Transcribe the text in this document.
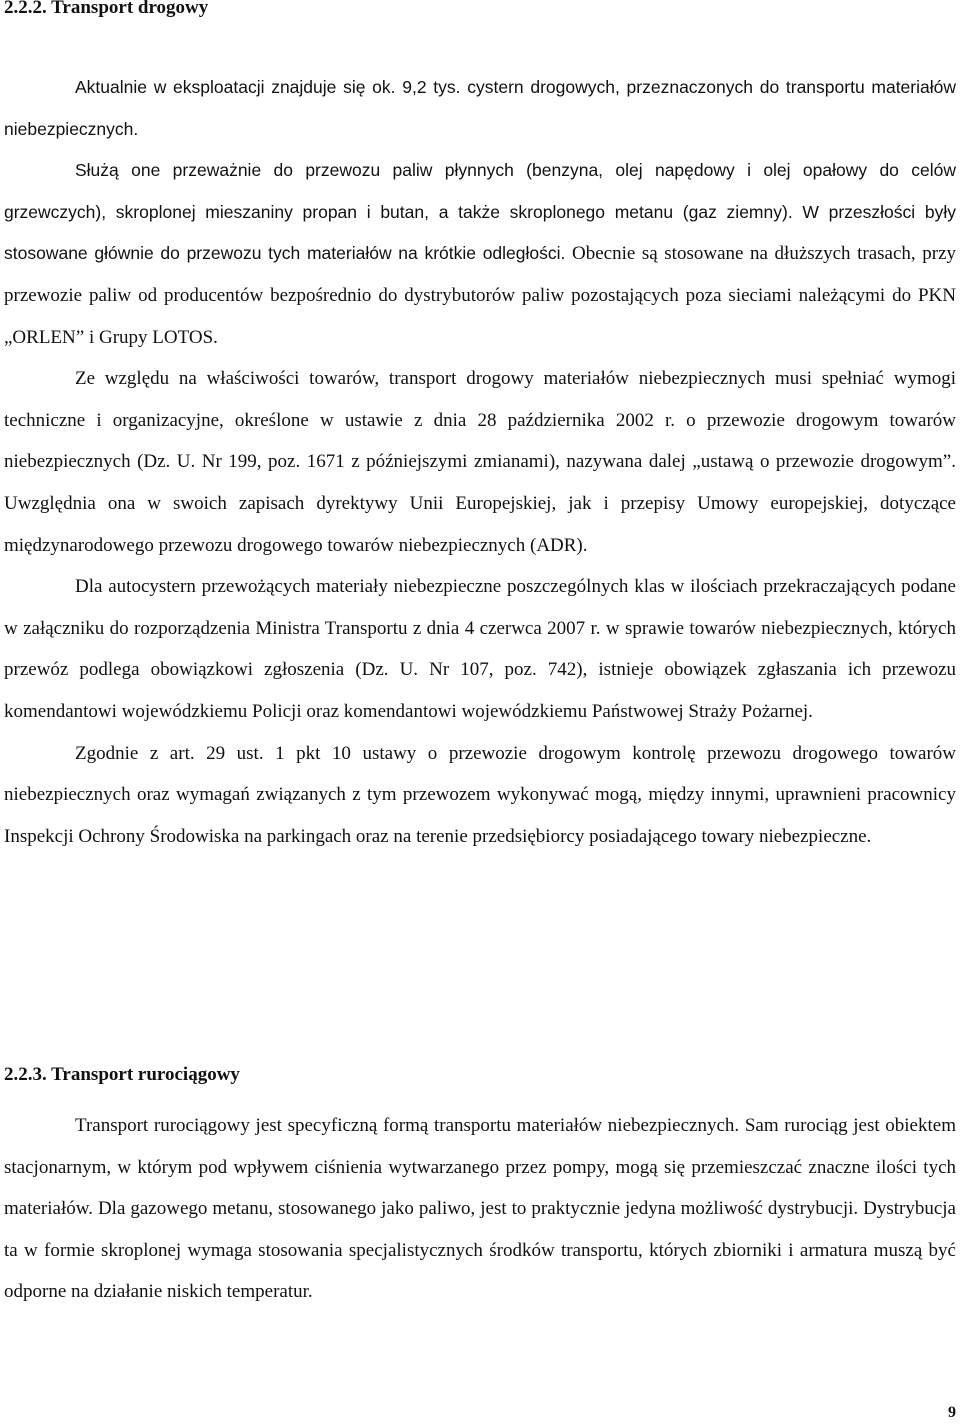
2.2.2. Transport drogowy

Aktualnie w eksploatacji znajduje się ok. 9,2 tys. cystern drogowych, przeznaczonych do transportu materiałów niebezpiecznych.

Służą one przeważnie do przewozu paliw płynnych (benzyna, olej napędowy i olej opałowy do celów grzewczych), skroplonej mieszaniny propan i butan, a także skroplonego metanu (gaz ziemny). W przeszłości były stosowane głównie do przewozu tych materiałów na krótkie odległości. Obecnie są stosowane na dłuższych trasach, przy przewozie paliw od producentów bezpośrednio do dystrybutorów paliw pozostających poza sieciami należącymi do PKN „ORLEN” i Grupy LOTOS.

Ze względu na właściwości towarów, transport drogowy materiałów niebezpiecznych musi spełniać wymogi techniczne i organizacyjne, określone w ustawie z dnia 28 października 2002 r. o przewozie drogowym towarów niebezpiecznych (Dz. U. Nr 199, poz. 1671 z późniejszymi zmianami), nazywana dalej „ustawą o przewozie drogowym”. Uwzględnia ona w swoich zapisach dyrektywy Unii Europejskiej, jak i przepisy Umowy europejskiej, dotyczące międzynarodowego przewozu drogowego towarów niebezpiecznych (ADR).

Dla autocystern przewożących materiały niebezpieczne poszczególnych klas w ilościach przekraczających podane w załączniku do rozporządzenia Ministra Transportu z dnia 4 czerwca 2007 r. w sprawie towarów niebezpiecznych, których przewóz podlega obowiązkowi zgłoszenia (Dz. U. Nr 107, poz. 742), istnieje obowiązek zgłaszania ich przewozu komendantowi wojewódzkiemu Policji oraz komendantowi wojewódzkiemu Państwowej Straży Pożarnej.

Zgodnie z art. 29 ust. 1 pkt 10 ustawy o przewozie drogowym kontrolę przewozu drogowego towarów niebezpiecznych oraz wymagań związanych z tym przewozem wykonywać mogą, między innymi, uprawnieni pracownicy Inspekcji Ochrony Środowiska na parkingach oraz na terenie przedsiębiorcy posiadającego towary niebezpieczne.

2.2.3. Transport rurociągowy

Transport rurociągowy jest specyficzną formą transportu materiałów niebezpiecznych. Sam rurociąg jest obiektem stacjonarnym, w którym pod wpływem ciśnienia wytwarzanego przez pompy, mogą się przemieszczać znaczne ilości tych materiałów. Dla gazowego metanu, stosowanego jako paliwo, jest to praktycznie jedyna możliwość dystrybucji. Dystrybucja ta w formie skroplonej wymaga stosowania specjalistycznych środków transportu, których zbiorniki i armatura muszą być odporne na działanie niskich temperatur.

9
